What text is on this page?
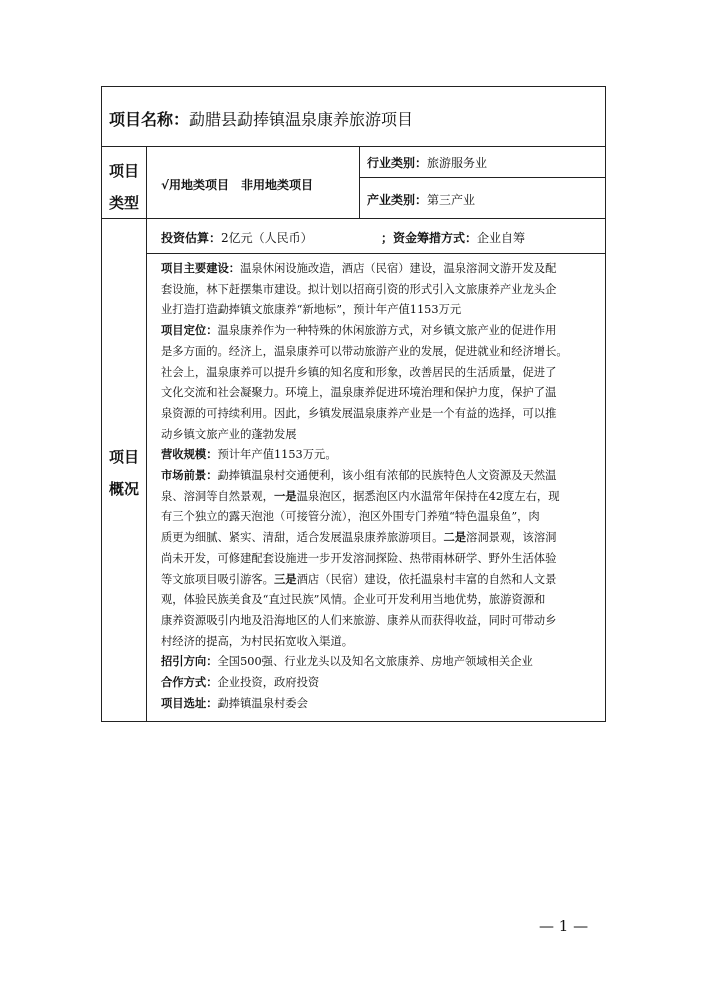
项目名称：勐腊县勐捧镇温泉康养旅游项目
项目
类型
√用地类项目　非用地类项目
行业类别：旅游服务业
产业类别：第三产业
项目
概况
投资估算：2亿元（人民币）	；资金筹措方式：企业自筹
项目主要建设：温泉休闲设施改造，酒店（民宿）建设，温泉溶洞文游开发及配
套设施，林下赶摆集市建设。拟计划以招商引资的形式引入文旅康养产业龙头企
业打造打造勐捧镇文旅康养“新地标”，预计年产值1153万元
项目定位：温泉康养作为一种特殊的休闲旅游方式，对乡镇文旅产业的促进作用
是多方面的。经济上，温泉康养可以带动旅游产业的发展，促进就业和经济增长。
社会上，温泉康养可以提升乡镇的知名度和形象，改善居民的生活质量，促进了
文化交流和社会凝聚力。环境上，温泉康养促进环境治理和保护力度，保护了温
泉资源的可持续利用。因此，乡镇发展温泉康养产业是一个有益的选择，可以推
动乡镇文旅产业的蓬勃发展
营收规模：预计年产值1153万元。
市场前景：勐捧镇温泉村交通便利，该小组有浓郁的民族特色人文资源及天然温
泉、溶洞等自然景观，一是温泉泡区，据悉泡区内水温常年保持在42度左右，现
有三个独立的露天泡池（可接管分流），泡区外围专门养殖“特色温泉鱼”，肉
质更为细腻、紧实、清甜，适合发展温泉康养旅游项目。二是溶洞景观，该溶洞
尚未开发，可修建配套设施进一步开发溶洞探险、热带雨林研学、野外生活体验
等文旅项目吸引游客。三是酒店（民宿）建设，依托温泉村丰富的自然和人文景
观，体验民族美食及“直过民族”风情。企业可开发利用当地优势，旅游资源和
康养资源吸引内地及沿海地区的人们来旅游、康养从而获得收益，同时可带动乡
村经济的提高，为村民拓宽收入渠道。
招引方向：全国500强、行业龙头以及知名文旅康养、房地产领域相关企业
合作方式：企业投资，政府投资
项目选址：勐捧镇温泉村委会
— 1 —
